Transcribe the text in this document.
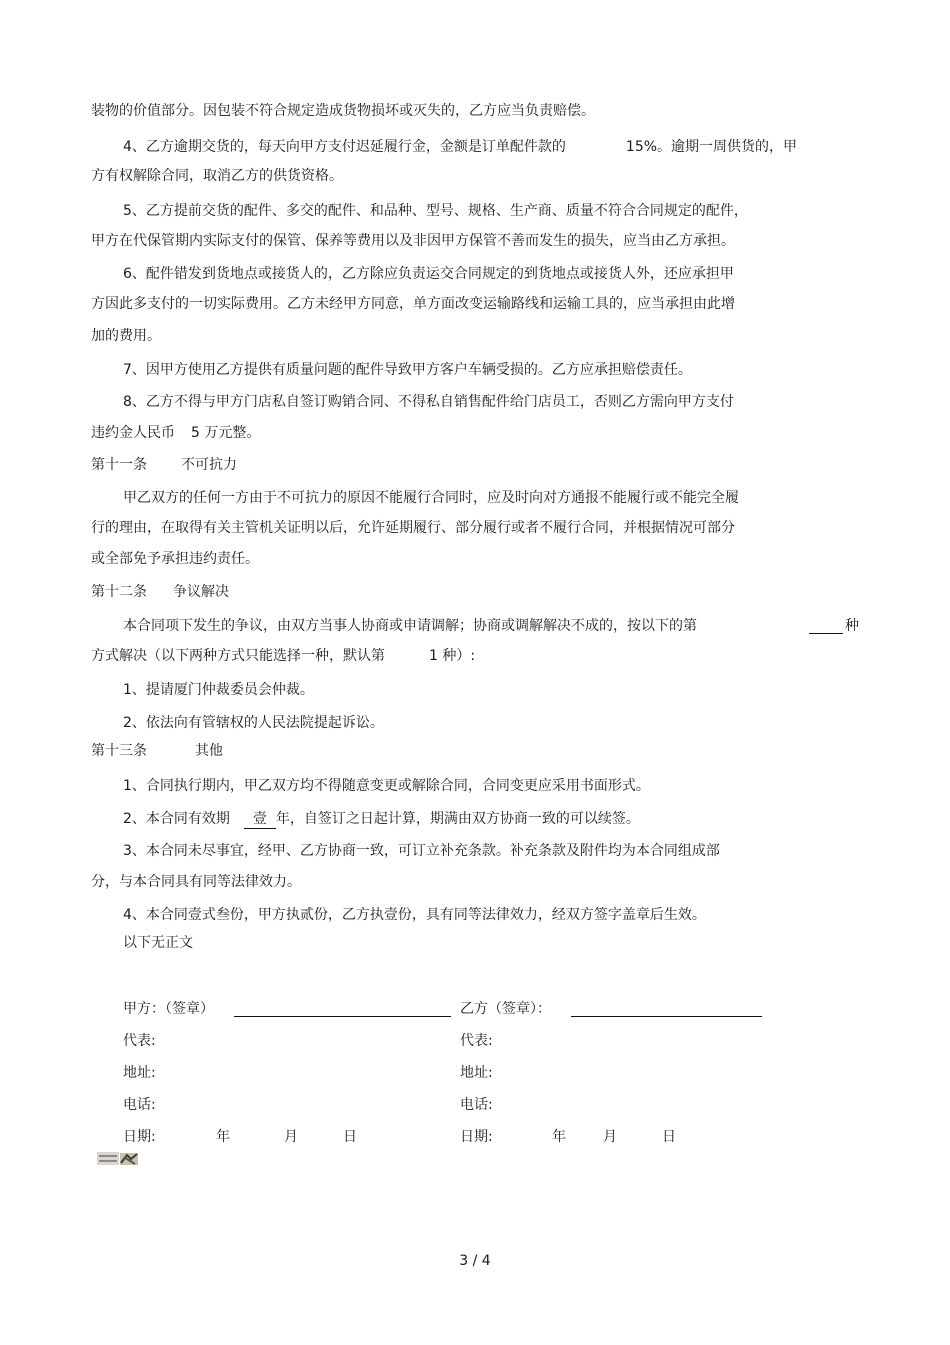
装物的价值部分。因包装不符合规定造成货物损坏或灭失的，乙方应当负责赔偿。
4、乙方逾期交货的，每天向甲方支付迟延履行金，金额是订单配件款的	15%。逾期一周供货的，甲
方有权解除合同，取消乙方的供货资格。
5、乙方提前交货的配件、多交的配件、和品种、型号、规格、生产商、质量不符合合同规定的配件，
甲方在代保管期内实际支付的保管、保养等费用以及非因甲方保管不善而发生的损失，应当由乙方承担。
6、配件错发到货地点或接货人的，乙方除应负责运交合同规定的到货地点或接货人外，还应承担甲
方因此多支付的一切实际费用。乙方未经甲方同意，单方面改变运输路线和运输工具的，应当承担由此增
加的费用。
7、因甲方使用乙方提供有质量问题的配件导致甲方客户车辆受损的。乙方应承担赔偿责任。
8、乙方不得与甲方门店私自签订购销合同、不得私自销售配件给门店员工，否则乙方需向甲方支付
违约金人民币 5 万元整。
第十一条 不可抗力
甲乙双方的任何一方由于不可抗力的原因不能履行合同时，应及时向对方通报不能履行或不能完全履
行的理由，在取得有关主管机关证明以后，允许延期履行、部分履行或者不履行合同，并根据情况可部分
或全部免予承担违约责任。
第十二条 争议解决
本合同项下发生的争议，由双方当事人协商或申请调解；协商或调解解决不成的，按以下的第	种
方式解决（以下两种方式只能选择一种，默认第	1 种）:
1、提请厦门仲裁委员会仲裁。
2、依法向有管辖权的人民法院提起诉讼。
第十三条	其他
1、合同执行期内，甲乙双方均不得随意变更或解除合同，合同变更应采用书面形式。
2、本合同有效期 壹 年，自签订之日起计算，期满由双方协商一致的可以续签。
3、本合同未尽事宜，经甲、乙方协商一致，可订立补充条款。补充条款及附件均为本合同组成部
分，与本合同具有同等法律效力。
4、本合同壹式叁份，甲方执贰份，乙方执壹份，具有同等法律效力，经双方签字盖章后生效。
以下无正文
甲方：（签章）
代表:
地址:
电话:
日期:	年	月	日
乙方（签章）：
代表:
地址:
电话:
日期:	年	月	日
3 / 4
